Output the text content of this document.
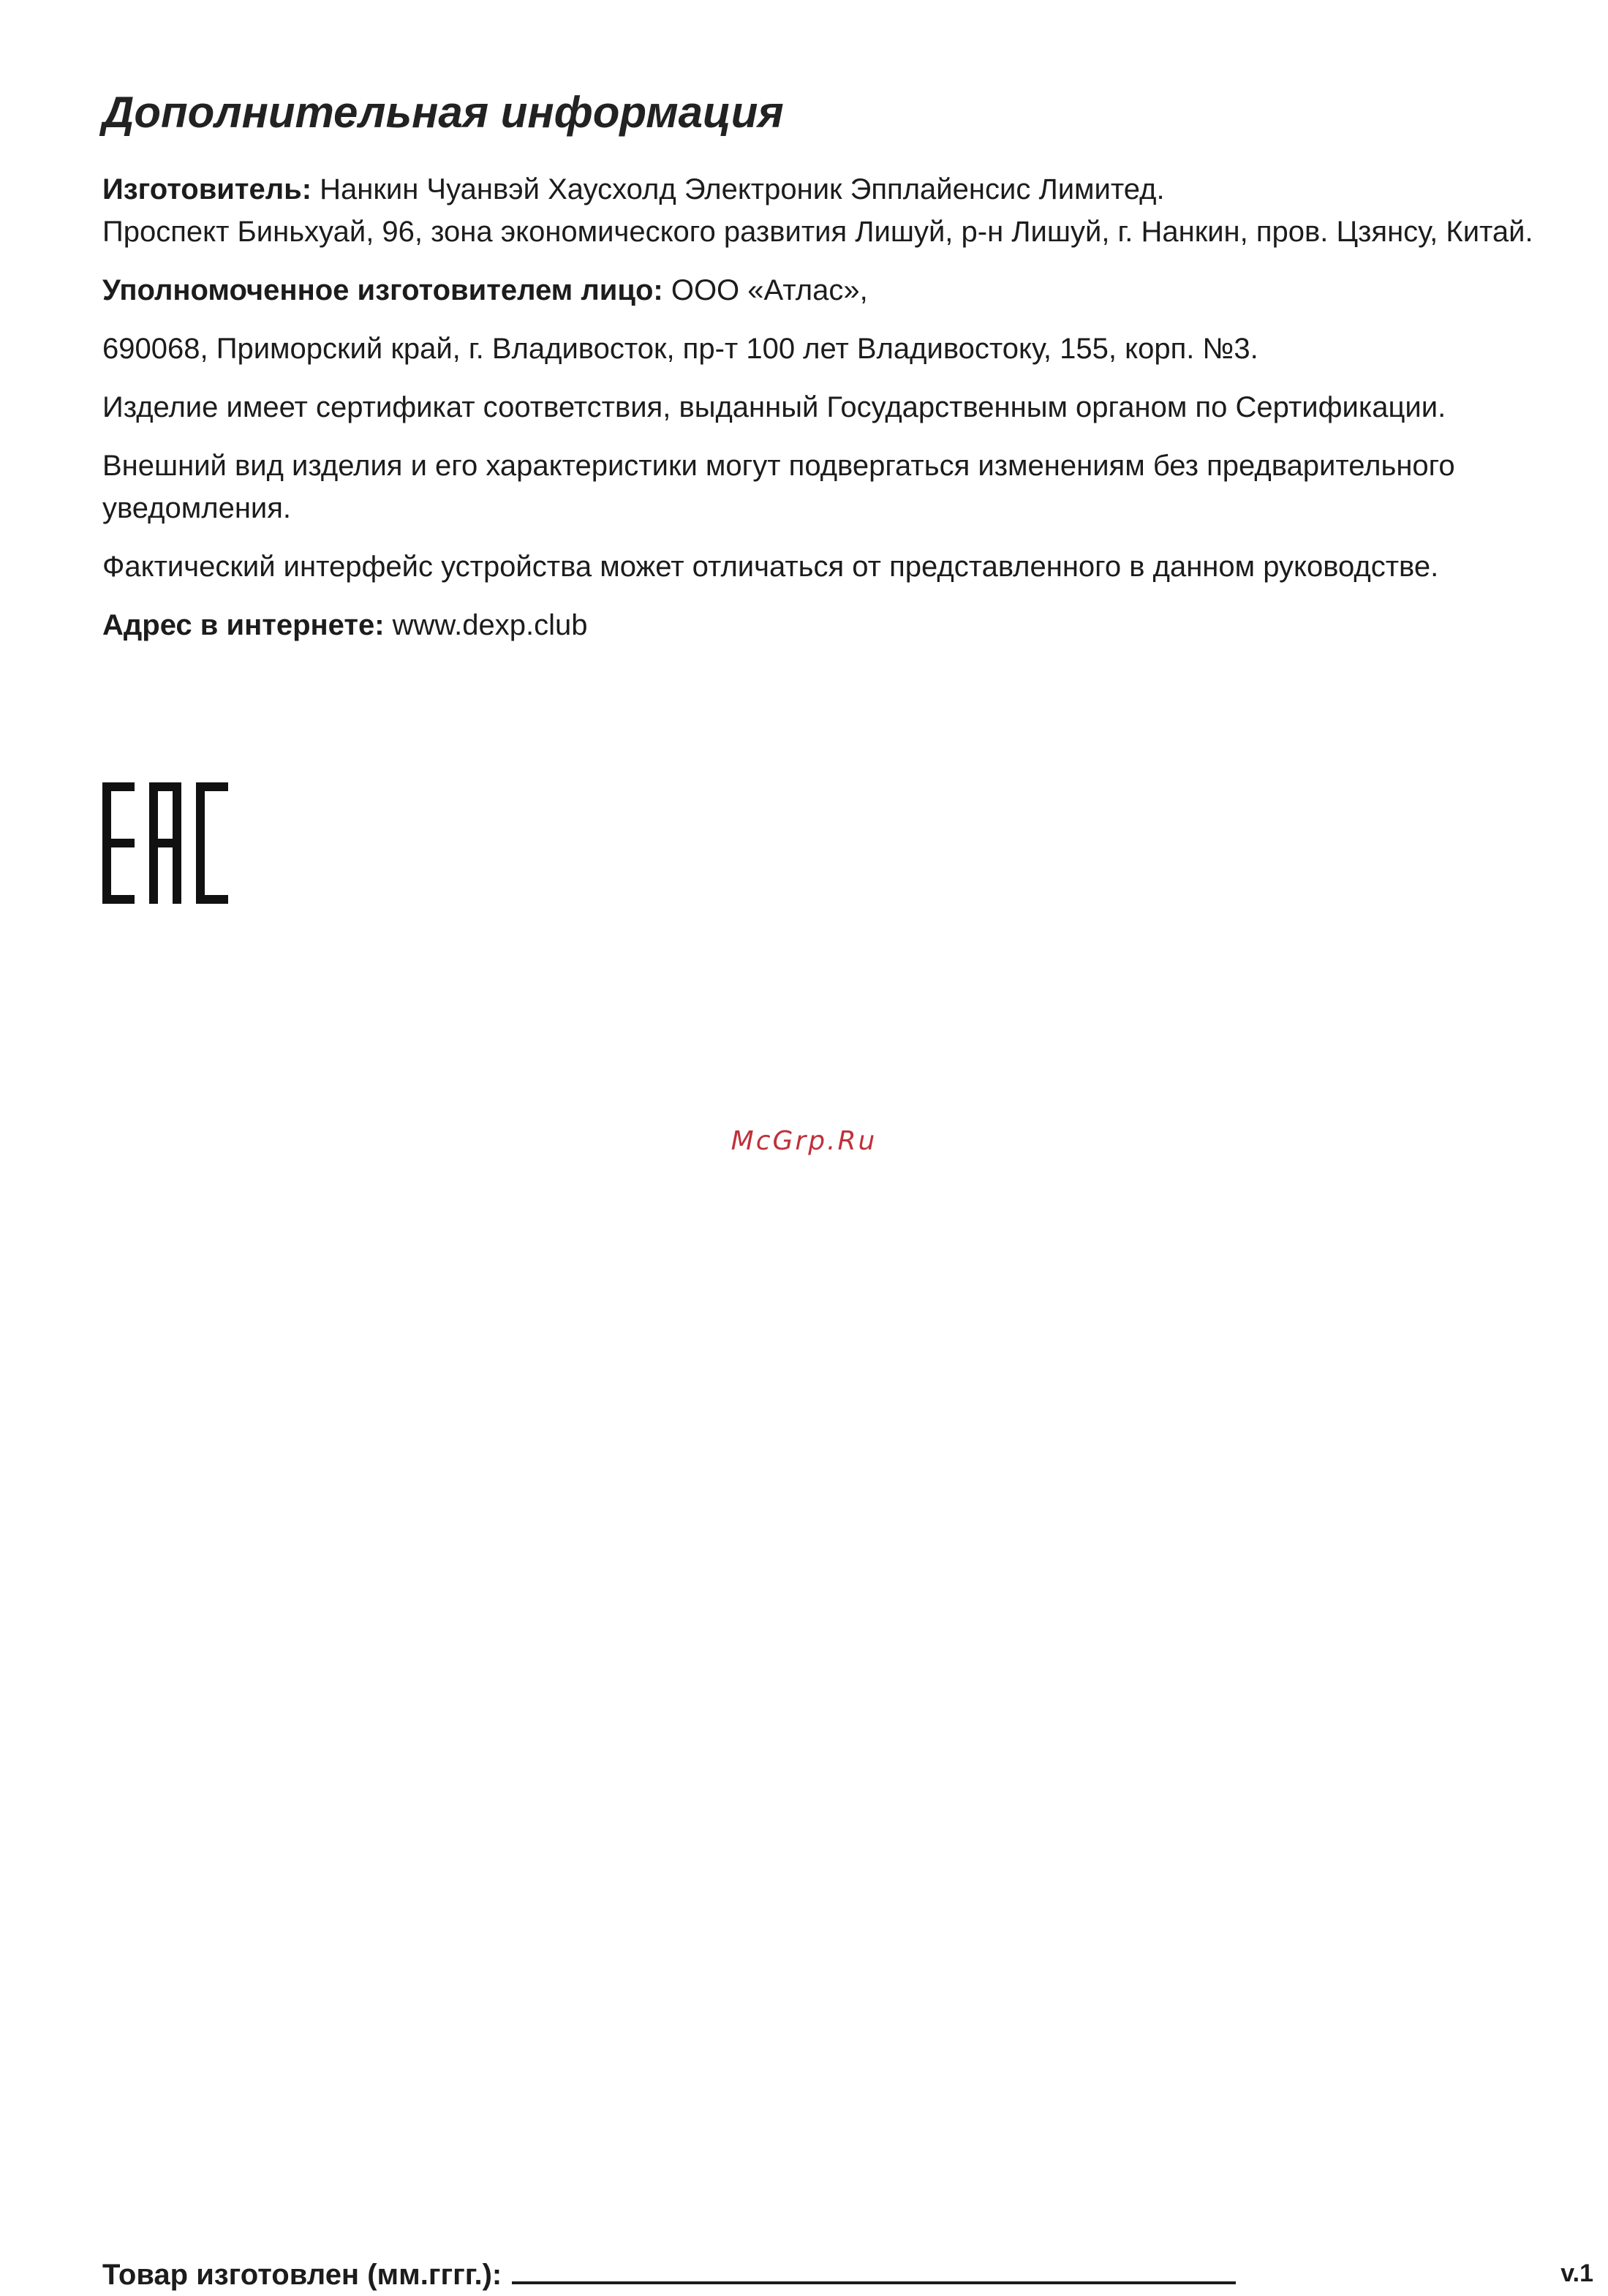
Дополнительная информация

Изготовитель: Нанкин Чуанвэй Хаусхолд Электроник Эпплайенсис Лимитед.
Проспект Биньхуай, 96, зона экономического развития Лишуй, р-н Лишуй, г. Нанкин, пров. Цзянсу, Китай.

Уполномоченное изготовителем лицо: ООО «Атлас»,

690068, Приморский край, г. Владивосток, пр-т 100 лет Владивостоку, 155, корп. №3.

Изделие имеет сертификат соответствия, выданный Государственным органом по Сертификации.

Внешний вид изделия и его характеристики могут подвергаться изменениям без предварительного уведомления.

Фактический интерфейс устройства может отличаться от представленного в данном руководстве.

Адрес в интернете: www.dexp.club

McGrp.Ru
Товар изготовлен (мм.гггг.):	v.1
